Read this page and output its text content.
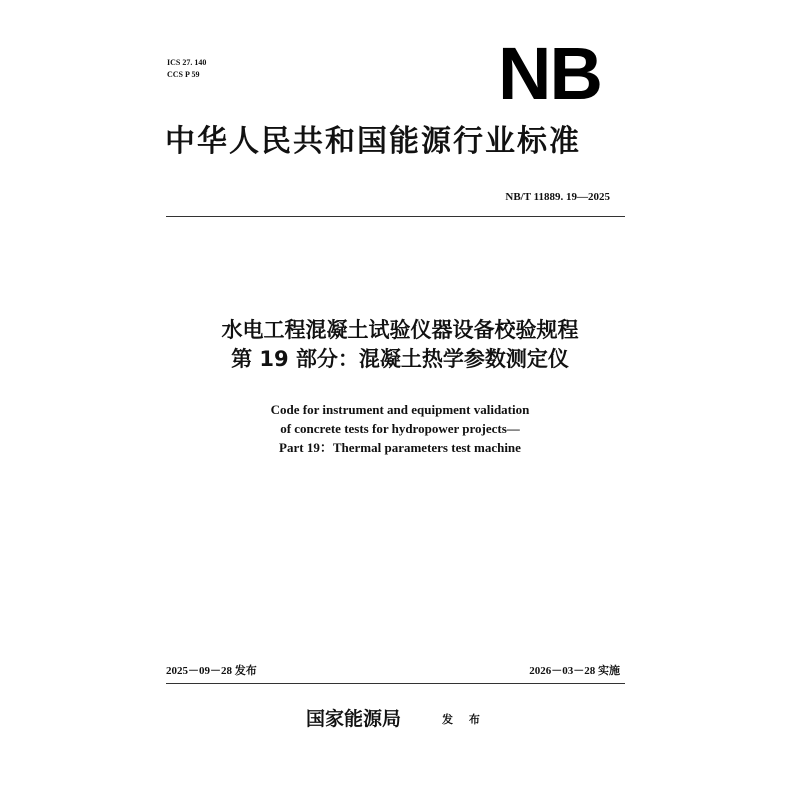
ICS 27. 140
CCS P 59	NB
中华人民共和国能源行业标准
NB/T 11889. 19—2025
水电工程混凝土试验仪器设备校验规程
第 19 部分：混凝土热学参数测定仪
Code for instrument and equipment validation
of concrete tests for hydropower projects—
Part 19：Thermal parameters test machine
2025－09－28 发布	2026－03－28 实施
国家能源局	发 布
